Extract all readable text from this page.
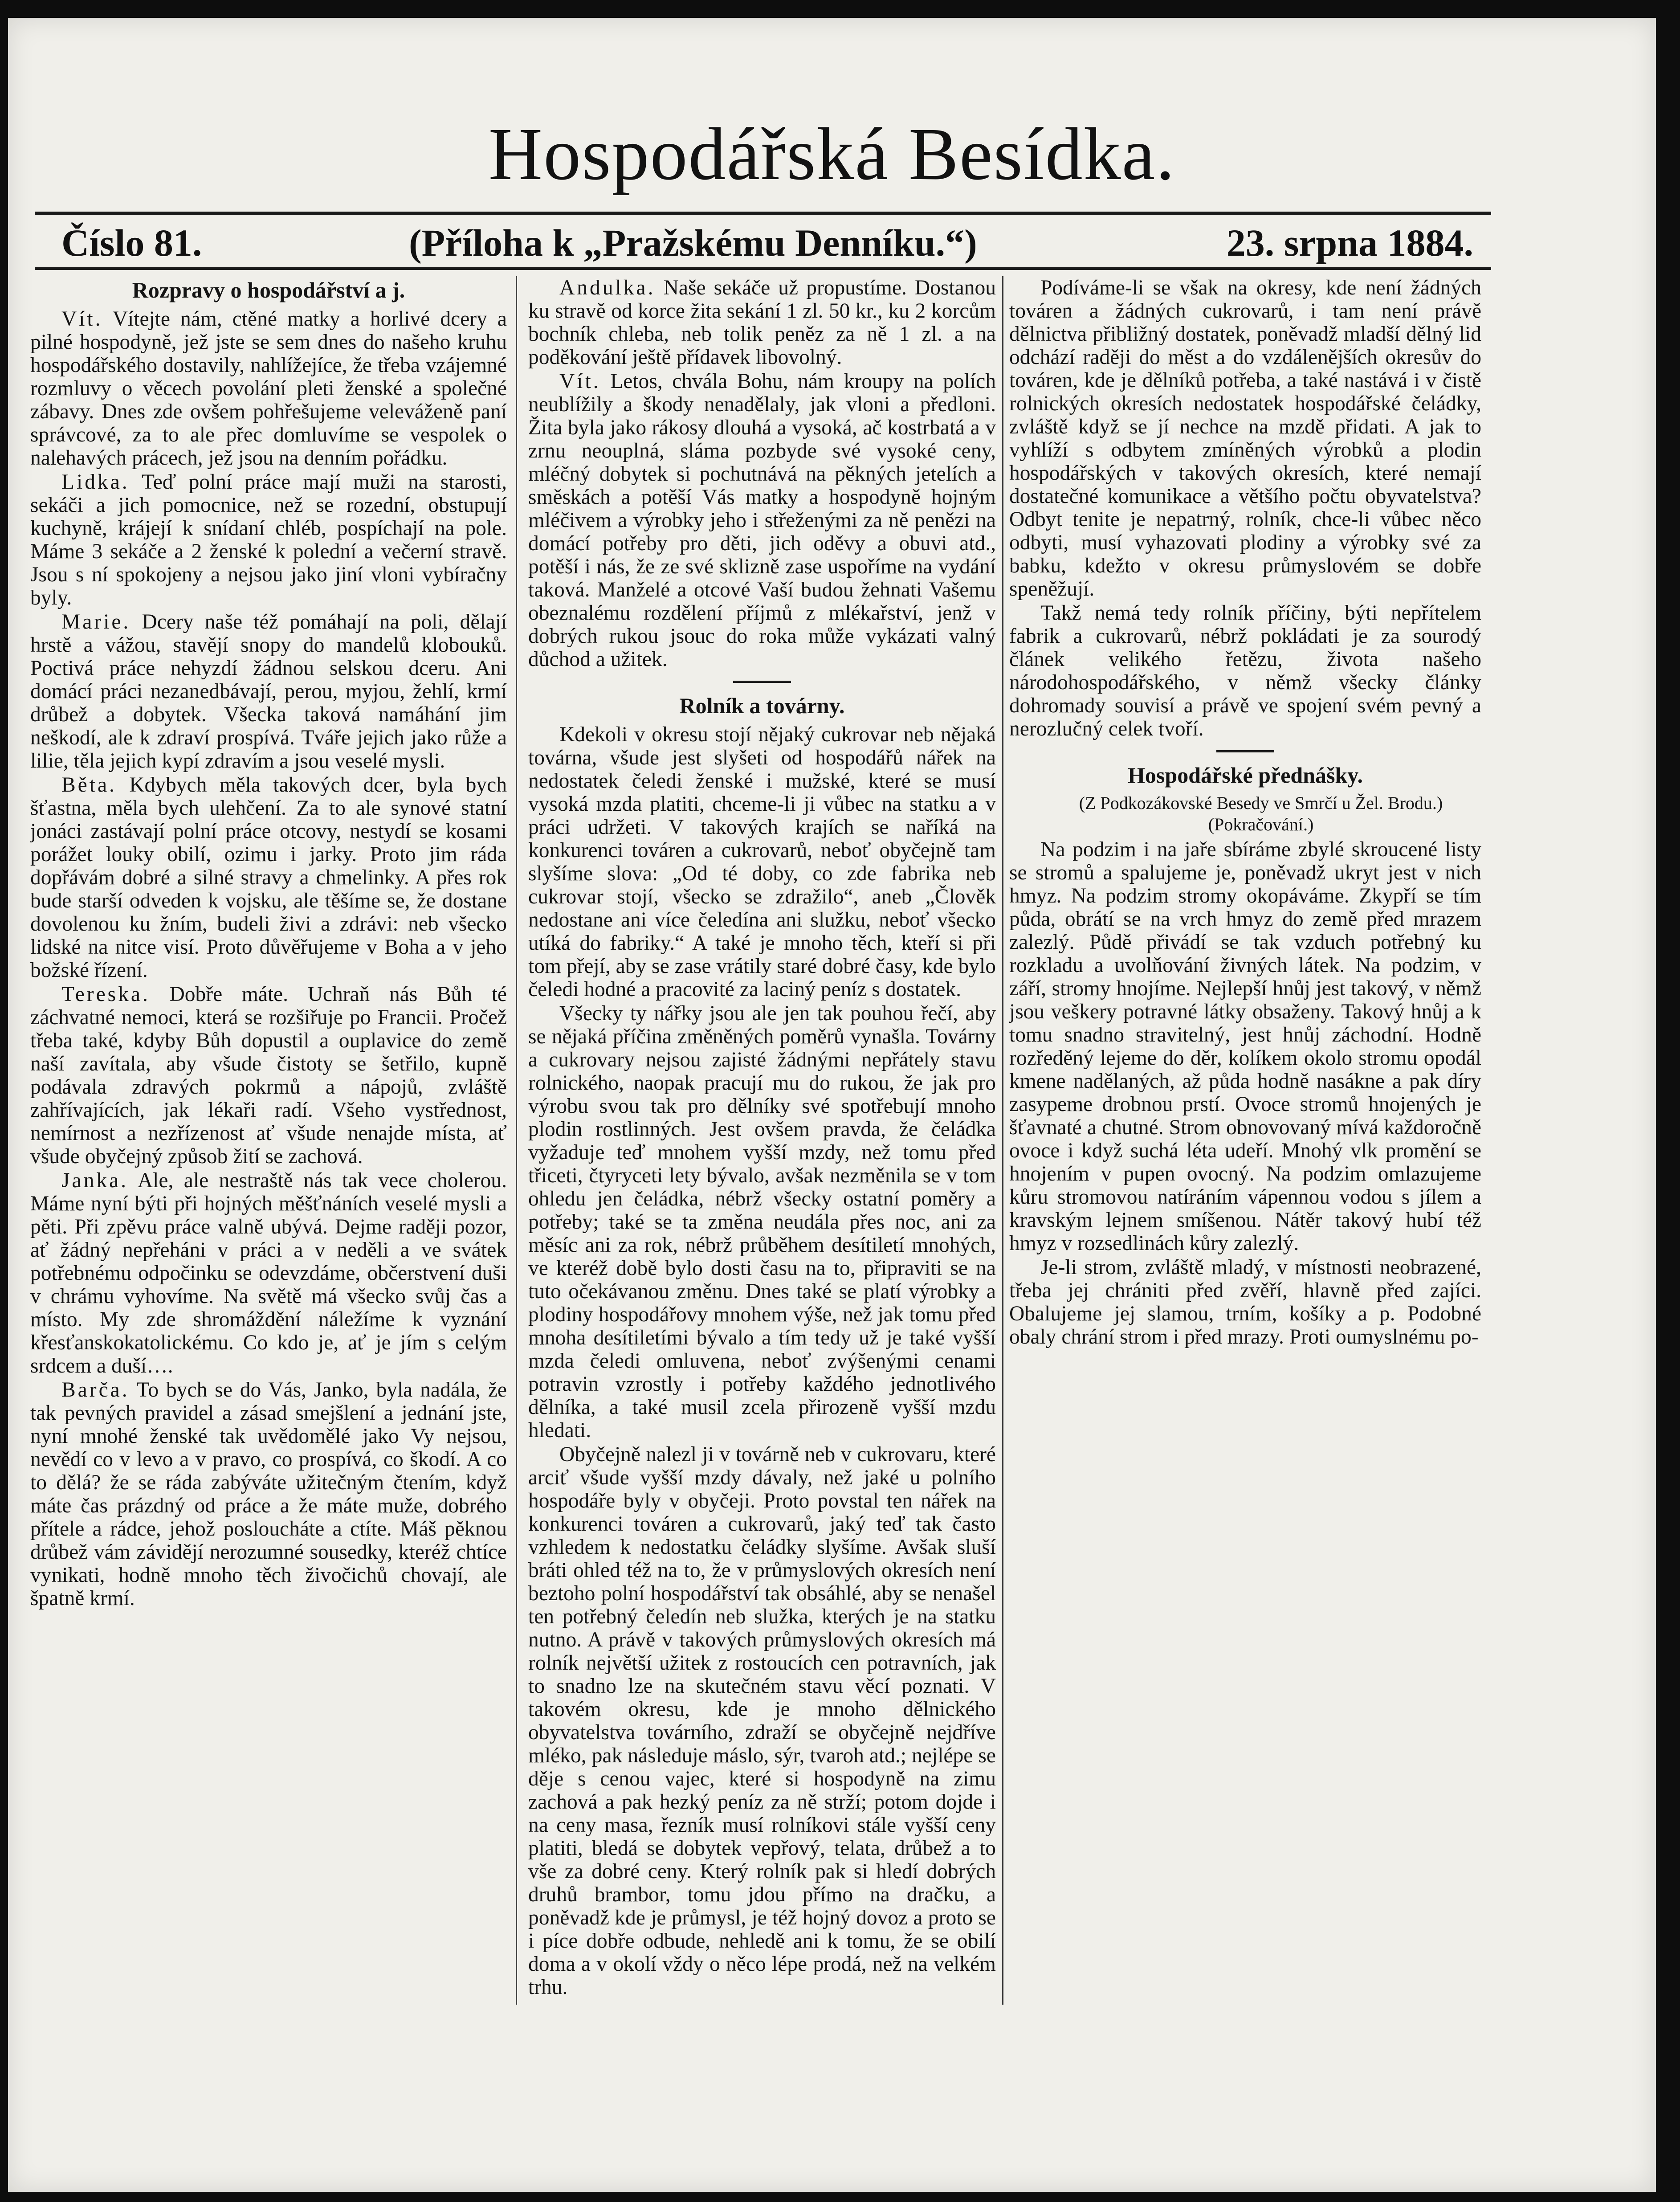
Hospodářská Besídka.
Číslo 81.	(Příloha k „Pražskému Denníku.“)	23. srpna 1884.
Rozpravy o hospodářství a j.

Vít. Vítejte nám, ctěné matky a horlivé dcery a pilné hospodyně, jež jste se sem dnes do našeho kruhu hospodářského dostavily, nahlížejíce, že třeba vzájemné rozmluvy o věcech povolání pleti ženské a společné zábavy. Dnes zde ovšem pohřešujeme veleváženě paní správcové, za to ale přec domluvíme se vespolek o nalehavých prácech, jež jsou na denním pořádku.

Lidka. Teď polní práce mají muži na starosti, sekáči a jich pomocnice, než se rozední, obstupují kuchyně, krájejí k snídaní chléb, pospíchají na pole. Máme 3 sekáče a 2 ženské k polední a večerní stravě. Jsou s ní spokojeny a nejsou jako jiní vloni vybíračny byly.

Marie. Dcery naše též pomáhají na poli, dělají hrstě a vážou, stavějí snopy do mandelů klobouků. Poctivá práce nehyzdí žádnou selskou dceru. Ani domácí práci nezanedbávají, perou, myjou, žehlí, krmí drůbež a dobytek. Všecka taková namáhání jim neškodí, ale k zdraví prospívá. Tváře jejich jako růže a lilie, těla jejich kypí zdravím a jsou veselé mysli.

Běta. Kdybych měla takových dcer, byla bych šťastna, měla bych ulehčení. Za to ale synové statní jonáci zastávají polní práce otcovy, nestydí se kosami porážet louky obilí, ozimu i jarky. Proto jim ráda dopřávám dobré a silné stravy a chmelinky. A přes rok bude starší odveden k vojsku, ale těšíme se, že dostane dovolenou ku žním, budeli živi a zdrávi: neb všecko lidské na nitce visí. Proto důvěřujeme v Boha a v jeho božské řízení.

Tereska. Dobře máte. Uchraň nás Bůh té záchvatné nemoci, která se rozšiřuje po Francii. Pročež třeba také, kdyby Bůh dopustil a ouplavice do země naší zavítala, aby všude čistoty se šetřilo, kupně podávala zdravých pokrmů a nápojů, zvláště zahřívajících, jak lékaři radí. Všeho vystřednost, nemírnost a nezřízenost ať všude nenajde místa, ať všude obyčejný způsob žití se zachová.

Janka. Ale, ale nestraště nás tak vece cholerou. Máme nyní býti při hojných měšťnáních veselé mysli a pěti. Při zpěvu práce valně ubývá. Dejme raději pozor, ať žádný nepřeháni v práci a v neděli a ve svátek potřebnému odpočinku se odevzdáme, občerstvení duši v chrámu vyhovíme. Na světě má všecko svůj čas a místo. My zde shromáždění náležíme k vyznání křesťanskokatolickému. Co kdo je, ať je jím s celým srdcem a duší….

Barča. To bych se do Vás, Janko, byla nadála, že tak pevných pravidel a zásad smejšlení a jednání jste, nyní mnohé ženské tak uvědomělé jako Vy nejsou, nevědí co v levo a v pravo, co prospívá, co škodí. A co to dělá? že se ráda zabýváte užitečným čtením, když máte čas prázdný od práce a že máte muže, dobrého přítele a rádce, jehož posloucháte a ctíte. Máš pěknou drůbež vám závidějí nerozumné sousedky, kteréž chtíce vynikati, hodně mnoho těch živočichů chovají, ale špatně krmí.

Andulka. Naše sekáče už propustíme. Dostanou ku stravě od korce žita sekání 1 zl. 50 kr., ku 2 korcům bochník chleba, neb tolik peněz za ně 1 zl. a na poděkování ještě přídavek libovolný.

Vít. Letos, chvála Bohu, nám kroupy na polích neublížily a škody nenadělaly, jak vloni a předloni. Žita byla jako rákosy dlouhá a vysoká, ač kostrbatá a v zrnu neouplná, sláma pozbyde své vysoké ceny, mléčný dobytek si pochutnává na pěkných jetelích a směskách a potěší Vás matky a hospodyně hojným mléčivem a výrobky jeho i střeženými za ně penězi na domácí potřeby pro děti, jich oděvy a obuvi atd., potěší i nás, že ze své sklizně zase uspoříme na vydání taková. Manželé a otcové Vaší budou žehnati Vašemu obeznalému rozdělení příjmů z mlékařství, jenž v dobrých rukou jsouc do roka může vykázati valný důchod a užitek.

Rolník a továrny.

Kdekoli v okresu stojí nějaký cukrovar neb nějaká továrna, všude jest slyšeti od hospodářů nářek na nedostatek čeledi ženské i mužské, které se musí vysoká mzda platiti, chceme-li ji vůbec na statku a v práci udržeti. V takových krajích se naříká na konkurenci továren a cukrovarů, neboť obyčejně tam slyšíme slova: „Od té doby, co zde fabrika neb cukrovar stojí, všecko se zdražilo“, aneb „Člověk nedostane ani více čeledína ani služku, neboť všecko utíká do fabriky.“ A také je mnoho těch, kteří si při tom přejí, aby se zase vrátily staré dobré časy, kde bylo čeledi hodné a pracovité za laciný peníz s dostatek.

Všecky ty nářky jsou ale jen tak pouhou řečí, aby se nějaká příčina změněných poměrů vynašla. Továrny a cukrovary nejsou zajisté žádnými nepřátely stavu rolnického, naopak pracují mu do rukou, že jak pro výrobu svou tak pro dělníky své spotřebují mnoho plodin rostlinných. Jest ovšem pravda, že čeládka vyžaduje teď mnohem vyšší mzdy, než tomu před třiceti, čtyryceti lety bývalo, avšak nezměnila se v tom ohledu jen čeládka, nébrž všecky ostatní poměry a potřeby; také se ta změna neudála přes noc, ani za měsíc ani za rok, nébrž průběhem desítiletí mnohých, ve kteréž době bylo dosti času na to, připraviti se na tuto očekávanou změnu. Dnes také se platí výrobky a plodiny hospodářovy mnohem výše, než jak tomu před mnoha desítiletími bývalo a tím tedy už je také vyšší mzda čeledi omluvena, neboť zvýšenými cenami potravin vzrostly i potřeby každého jednotlivého dělníka, a také musil zcela přirozeně vyšší mzdu hledati.

Obyčejně nalezl ji v továrně neb v cukrovaru, které arciť všude vyšší mzdy dávaly, než jaké u polního hospodáře byly v obyčeji. Proto povstal ten nářek na konkurenci továren a cukrovarů, jaký teď tak často vzhledem k nedostatku čeládky slyšíme. Avšak sluší bráti ohled též na to, že v průmyslových okresích není beztoho polní hospodářství tak obsáhlé, aby se nenašel ten potřebný čeledín neb služka, kterých je na statku nutno. A právě v takových průmyslových okresích má rolník největší užitek z rostoucích cen potravních, jak to snadno lze na skutečném stavu věcí poznati. V takovém okresu, kde je mnoho dělnického obyvatelstva továrního, zdraží se obyčejně nejdříve mléko, pak následuje máslo, sýr, tvaroh atd.; nejlépe se děje s cenou vajec, které si hospodyně na zimu zachová a pak hezký peníz za ně strží; potom dojde i na ceny masa, řezník musí rolníkovi stále vyšší ceny platiti, bledá se dobytek vepřový, telata, drůbež a to vše za dobré ceny. Který rolník pak si hledí dobrých druhů brambor, tomu jdou přímo na dračku, a poněvadž kde je průmysl, je též hojný dovoz a proto se i píce dobře odbude, nehledě ani k tomu, že se obilí doma a v okolí vždy o něco lépe prodá, než na velkém trhu.

Podíváme-li se však na okresy, kde není žádných továren a žádných cukrovarů, i tam není právě dělnictva přibližný dostatek, poněvadž mladší dělný lid odchází raději do měst a do vzdálenějších okresův do továren, kde je dělníků potřeba, a také nastává i v čistě rolnických okresích nedostatek hospodářské čeládky, zvláště když se jí nechce na mzdě přidati. A jak to vyhlíží s odbytem zmíněných výrobků a plodin hospodářských v takových okresích, které nemají dostatečné komunikace a většího počtu obyvatelstva? Odbyt tenite je nepatrný, rolník, chce-li vůbec něco odbyti, musí vyhazovati plodiny a výrobky své za babku, kdežto v okresu průmyslovém se dobře speněžují.

Takž nemá tedy rolník příčiny, býti nepřítelem fabrik a cukrovarů, nébrž pokládati je za sourodý článek velikého řetězu, života našeho národohospodářského, v němž všecky články dohromady souvisí a právě ve spojení svém pevný a nerozlučný celek tvoří.

Hospodářské přednášky.

(Z Podkozákovské Besedy ve Smrčí u Žel. Brodu.)

(Pokračování.)

Na podzim i na jaře sbíráme zbylé skroucené listy se stromů a spalujeme je, poněvadž ukryt jest v nich hmyz. Na podzim stromy okopáváme. Zkypří se tím půda, obrátí se na vrch hmyz do země před mrazem zalezlý. Půdě přivádí se tak vzduch potřebný ku rozkladu a uvolňování živných látek. Na podzim, v září, stromy hnojíme. Nejlepší hnůj jest takový, v němž jsou veškery potravné látky obsaženy. Takový hnůj a k tomu snadno stravitelný, jest hnůj záchodní. Hodně rozředěný lejeme do děr, kolíkem okolo stromu opodál kmene nadělaných, až půda hodně nasákne a pak díry zasypeme drobnou prstí. Ovoce stromů hnojených je šťavnaté a chutné. Strom obnovovaný mívá každoročně ovoce i když suchá léta udeří. Mnohý vlk promění se hnojením v pupen ovocný. Na podzim omlazujeme kůru stromovou natíráním vápennou vodou s jílem a kravským lejnem smíšenou. Nátěr takový hubí též hmyz v rozsedlinách kůry zalezlý.

Je-li strom, zvláště mladý, v místnosti neobrazené, třeba jej chrániti před zvěří, hlavně před zajíci. Obalujeme jej slamou, trním, košíky a p. Podobné obaly chrání strom i před mrazy. Proti oumyslnému po-
